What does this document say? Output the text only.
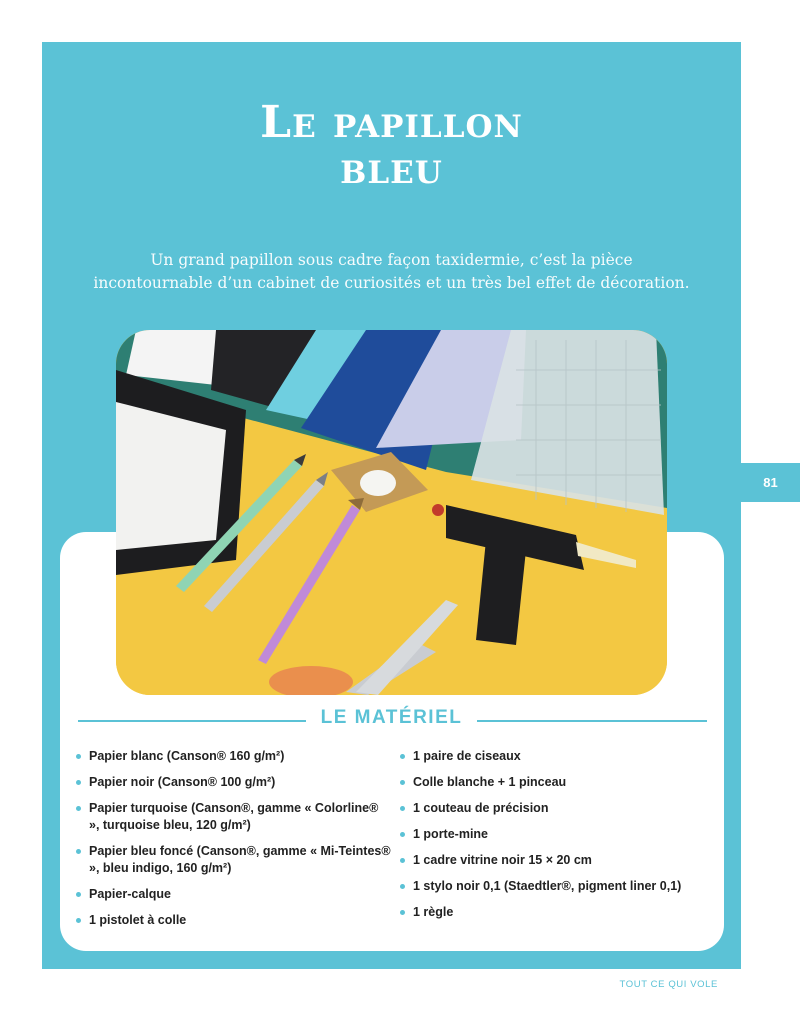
Le papillon
bleu

Un grand papillon sous cadre façon taxidermie, c’est la pièce incontournable d’un cabinet de curiosités et un très bel effet de décoration.

81
LE MATÉRIEL
Papier blanc (Canson® 160 g/m²)
Papier noir (Canson® 100 g/m²)
Papier turquoise (Canson®, gamme « Colorline® », turquoise bleu, 120 g/m²)
Papier bleu foncé (Canson®, gamme « Mi-Teintes® », bleu indigo, 160 g/m²)
Papier-calque
1 pistolet à colle
1 paire de ciseaux
Colle blanche + 1 pinceau
1 couteau de précision
1 porte-mine
1 cadre vitrine noir 15 × 20 cm
1 stylo noir 0,1 (Staedtler®, pigment liner 0,1)
1 règle
TOUT CE QUI VOLE
